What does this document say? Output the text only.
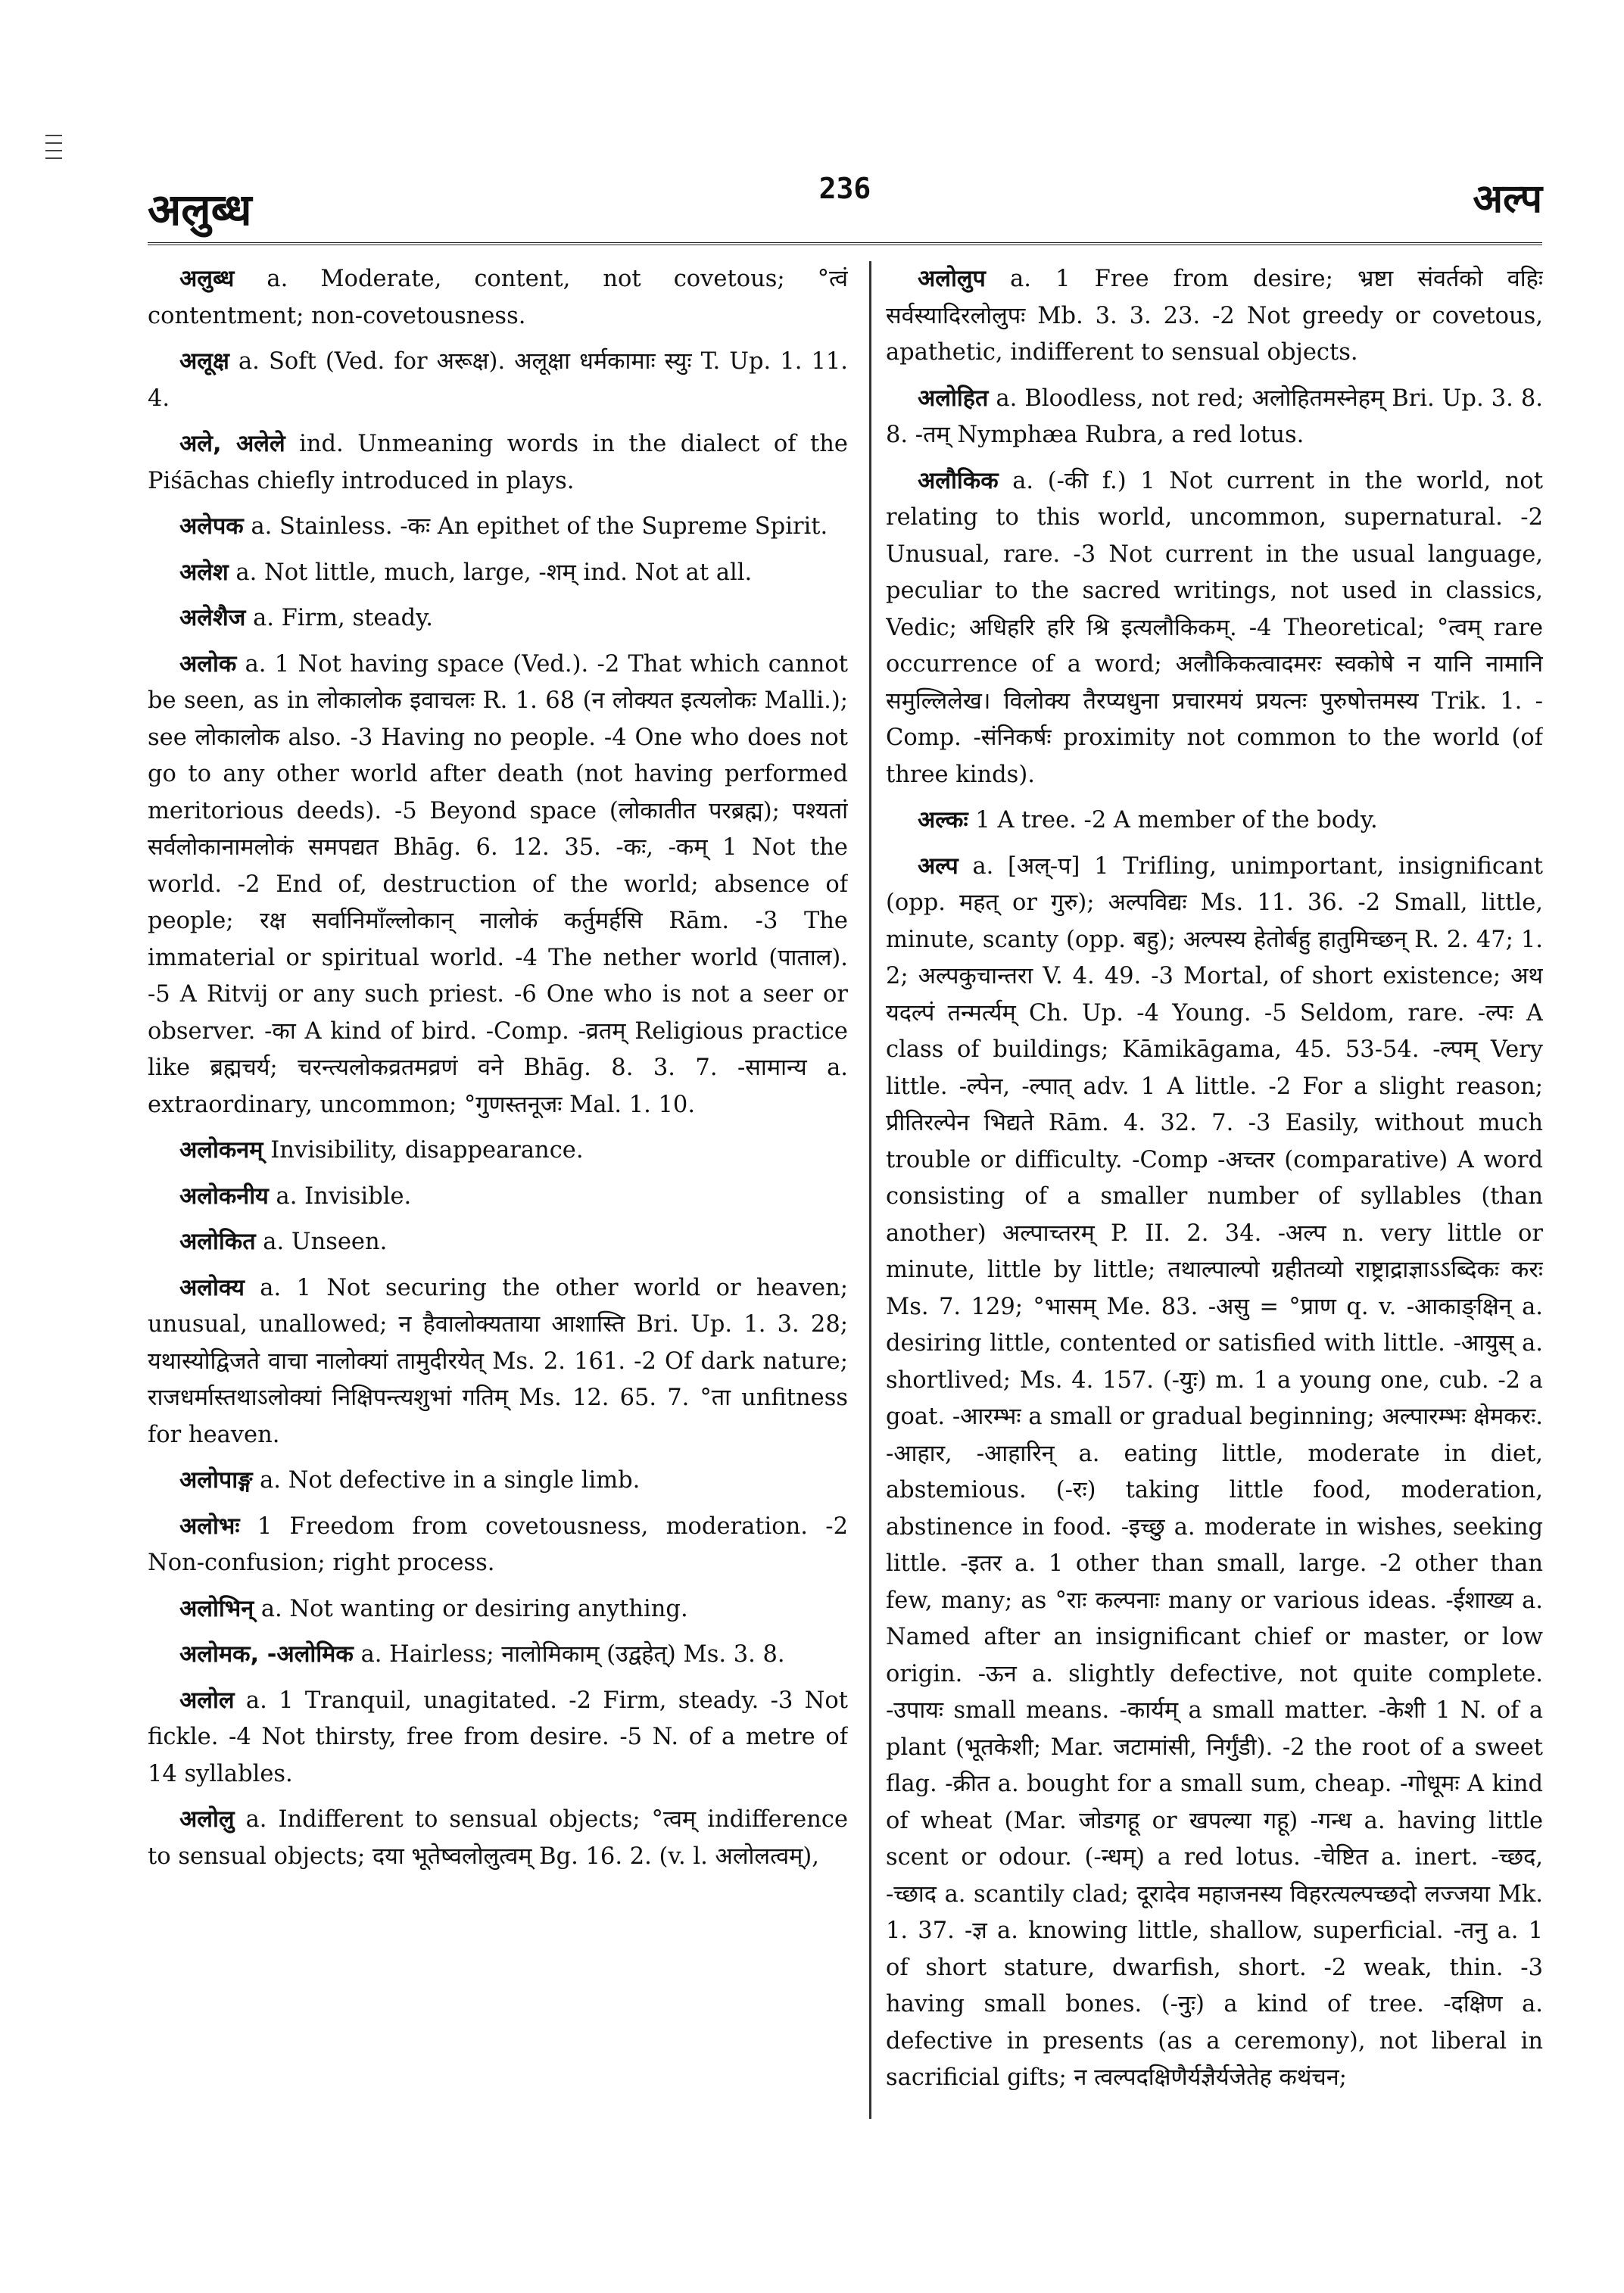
अलुब्ध	236	अल्प

अलुब्ध a. Moderate, content, not covetous; °त्वं contentment; non-covetousness.

अलूक्ष a. Soft (Ved. for अरूक्ष). अलूक्षा धर्मकामाः स्युः T. Up. 1. 11. 4.

अले, अलेले ind. Unmeaning words in the dialect of the Piśāchas chiefly introduced in plays.

अलेपक a. Stainless. -कः An epithet of the Supreme Spirit.

अलेश a. Not little, much, large, -शम् ind. Not at all.

अलेशैज a. Firm, steady.

अलोक a. 1 Not having space (Ved.). -2 That which cannot be seen, as in लोकालोक इवाचलः R. 1. 68 (न लोक्यत इत्यलोकः Malli.); see लोकालोक also. -3 Having no people. -4 One who does not go to any other world after death (not having performed meritorious deeds). -5 Beyond space (लोकातीत परब्रह्म); पश्यतां सर्वलोकानामलोकं समपद्यत Bhāg. 6. 12. 35. -कः, -कम् 1 Not the world. -2 End of, destruction of the world; absence of people; रक्ष सर्वानिमाँल्लोकान् नालोकं कर्तुमर्हसि Rām. -3 The immaterial or spiritual world. -4 The nether world (पाताल). -5 A Ritvij or any such priest. -6 One who is not a seer or observer. -का A kind of bird. -Comp. -व्रतम् Religious practice like ब्रह्मचर्य; चरन्त्यलोकव्रतमव्रणं वने Bhāg. 8. 3. 7. -सामान्य a. extraordinary, uncommon; °गुणस्तनूजः Mal. 1. 10.

अलोकनम् Invisibility, disappearance.

अलोकनीय a. Invisible.

अलोकित a. Unseen.

अलोक्य a. 1 Not securing the other world or heaven; unusual, unallowed; न हैवालोक्यताया आशास्ति Bri. Up. 1. 3. 28; यथास्योद्विजते वाचा नालोक्यां तामुदीरयेत् Ms. 2. 161. -2 Of dark nature; राजधर्मास्तथाऽलोक्यां निक्षिपन्त्यशुभां गतिम् Ms. 12. 65. 7. °ता unfitness for heaven.

अलोपाङ्ग a. Not defective in a single limb.

अलोभः 1 Freedom from covetousness, moderation. -2 Non-confusion; right process.

अलोभिन् a. Not wanting or desiring anything.

अलोमक, -अलोमिक a. Hairless; नालोमिकाम् (उद्वहेत्) Ms. 3. 8.

अलोल a. 1 Tranquil, unagitated. -2 Firm, steady. -3 Not fickle. -4 Not thirsty, free from desire. -5 N. of a metre of 14 syllables.

अलोलु a. Indifferent to sensual objects; °त्वम् indifference to sensual objects; दया भूतेष्वलोलुत्वम् Bg. 16. 2. (v. l. अलोलत्वम्),

अलोलुप a. 1 Free from desire; भ्रष्टा संवर्तको वहिः सर्वस्यादिरलोलुपः Mb. 3. 3. 23. -2 Not greedy or covetous, apathetic, indifferent to sensual objects.

अलोहित a. Bloodless, not red; अलोहितमस्नेहम् Bri. Up. 3. 8. 8. -तम् Nymphæa Rubra, a red lotus.

अलौकिक a. (-की f.) 1 Not current in the world, not relating to this world, uncommon, supernatural. -2 Unusual, rare. -3 Not current in the usual language, peculiar to the sacred writings, not used in classics, Vedic; अधिहरि हरि श्रि इत्यलौकिकम्. -4 Theoretical; °त्वम् rare occurrence of a word; अलौकिकत्वादमरः स्वकोषे न यानि नामानि समुल्लिलेख। विलोक्य तैरप्यधुना प्रचारमयं प्रयत्नः पुरुषोत्तमस्य Trik. 1. -Comp. -संनिकर्षः proximity not common to the world (of three kinds).

अल्कः 1 A tree. -2 A member of the body.

अल्प a. [अल्-प] 1 Trifling, unimportant, insignificant (opp. महत् or गुरु); अल्पविद्यः Ms. 11. 36. -2 Small, little, minute, scanty (opp. बहु); अल्पस्य हेतोर्बहु हातुमिच्छन् R. 2. 47; 1. 2; अल्पकुचान्तरा V. 4. 49. -3 Mortal, of short existence; अथ यदल्पं तन्मर्त्यम् Ch. Up. -4 Young. -5 Seldom, rare. -ल्पः A class of buildings; Kāmikāgama, 45. 53-54. -ल्पम् Very little. -ल्पेन, -ल्पात् adv. 1 A little. -2 For a slight reason; प्रीतिरल्पेन भिद्यते Rām. 4. 32. 7. -3 Easily, without much trouble or difficulty. -Comp -अच्तर (comparative) A word consisting of a smaller number of syllables (than another) अल्पाच्तरम् P. II. 2. 34. -अल्प n. very little or minute, little by little; तथाल्पाल्पो ग्रहीतव्यो राष्ट्राद्राज्ञाऽऽब्दिकः करः Ms. 7. 129; °भासम् Me. 83. -असु = °प्राण q. v. -आकाङ्क्षिन् a. desiring little, contented or satisfied with little. -आयुस् a. shortlived; Ms. 4. 157. (-युः) m. 1 a young one, cub. -2 a goat. -आरम्भः a small or gradual beginning; अल्पारम्भः क्षेमकरः. -आहार, -आहारिन् a. eating little, moderate in diet, abstemious. (-रः) taking little food, moderation, abstinence in food. -इच्छु a. moderate in wishes, seeking little. -इतर a. 1 other than small, large. -2 other than few, many; as °राः कल्पनाः many or various ideas. -ईशाख्य a. Named after an insignificant chief or master, or low origin. -ऊन a. slightly defective, not quite complete. -उपायः small means. -कार्यम् a small matter. -केशी 1 N. of a plant (भूतकेशी; Mar. जटामांसी, निर्गुंडी). -2 the root of a sweet flag. -क्रीत a. bought for a small sum, cheap. -गोधूमः A kind of wheat (Mar. जोडगहू or खपल्या गहू) -गन्ध a. having little scent or odour. (-न्धम्) a red lotus. -चेष्टित a. inert. -च्छद, -च्छाद a. scantily clad; दूरादेव महाजनस्य विहरत्यल्पच्छदो लज्जया Mk. 1. 37. -ज्ञ a. knowing little, shallow, superficial. -तनु a. 1 of short stature, dwarfish, short. -2 weak, thin. -3 having small bones. (-नुः) a kind of tree. -दक्षिण a. defective in presents (as a ceremony), not liberal in sacrificial gifts; न त्वल्पदक्षिणैर्यज्ञैर्यजेतेह कथंचन;
